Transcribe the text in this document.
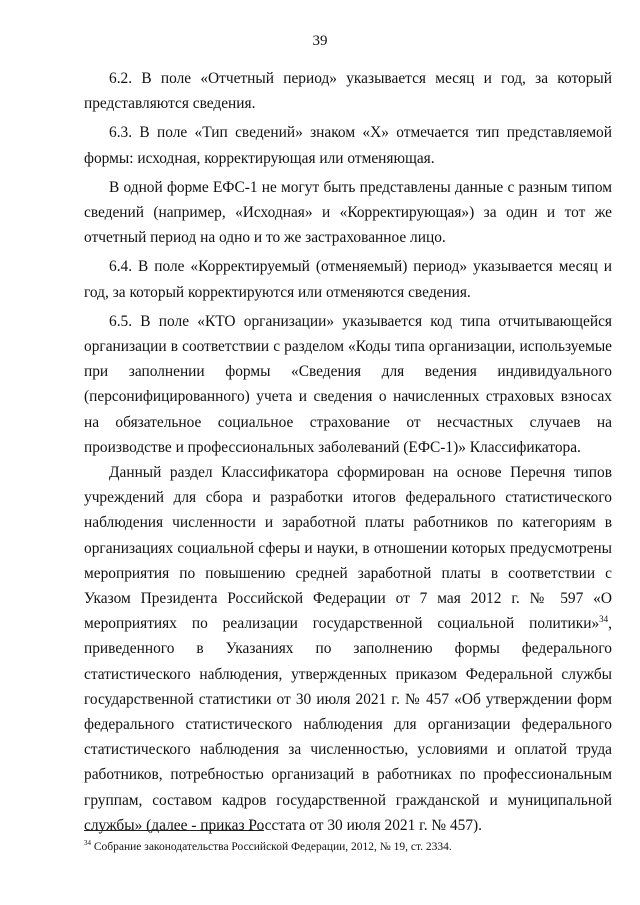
39

6.2. В поле «Отчетный период» указывается месяц и год, за который представляются сведения.

6.3. В поле «Тип сведений» знаком «X» отмечается тип представляемой формы: исходная, корректирующая или отменяющая.

В одной форме ЕФС-1 не могут быть представлены данные с разным типом сведений (например, «Исходная» и «Корректирующая») за один и тот же отчетный период на одно и то же застрахованное лицо.

6.4. В поле «Корректируемый (отменяемый) период» указывается месяц и год, за который корректируются или отменяются сведения.

6.5. В поле «КТО организации» указывается код типа отчитывающейся организации в соответствии с разделом «Коды типа организации, используемые при заполнении формы «Сведения для ведения индивидуального (персонифицированного) учета и сведения о начисленных страховых взносах на обязательное социальное страхование от несчастных случаев на производстве и профессиональных заболеваний (ЕФС-1)» Классификатора.

Данный раздел Классификатора сформирован на основе Перечня типов учреждений для сбора и разработки итогов федерального статистического наблюдения численности и заработной платы работников по категориям в организациях социальной сферы и науки, в отношении которых предусмотрены мероприятия по повышению средней заработной платы в соответствии с Указом Президента Российской Федерации от 7 мая 2012 г. № 597 «О мероприятиях по реализации государственной социальной политики»$^{34}$, приведенного в Указаниях по заполнению формы федерального статистического наблюдения, утвержденных приказом Федеральной службы государственной статистики от 30 июля 2021 г. № 457 «Об утверждении форм федерального статистического наблюдения для организации федерального статистического наблюдения за численностью, условиями и оплатой труда работников, потребностью организаций в работниках по профессиональным группам, составом кадров государственной гражданской и муниципальной службы» (далее - приказ Росстата от 30 июля 2021 г. № 457).

$^{34}$ Собрание законодательства Российской Федерации, 2012, № 19, ст. 2334.
